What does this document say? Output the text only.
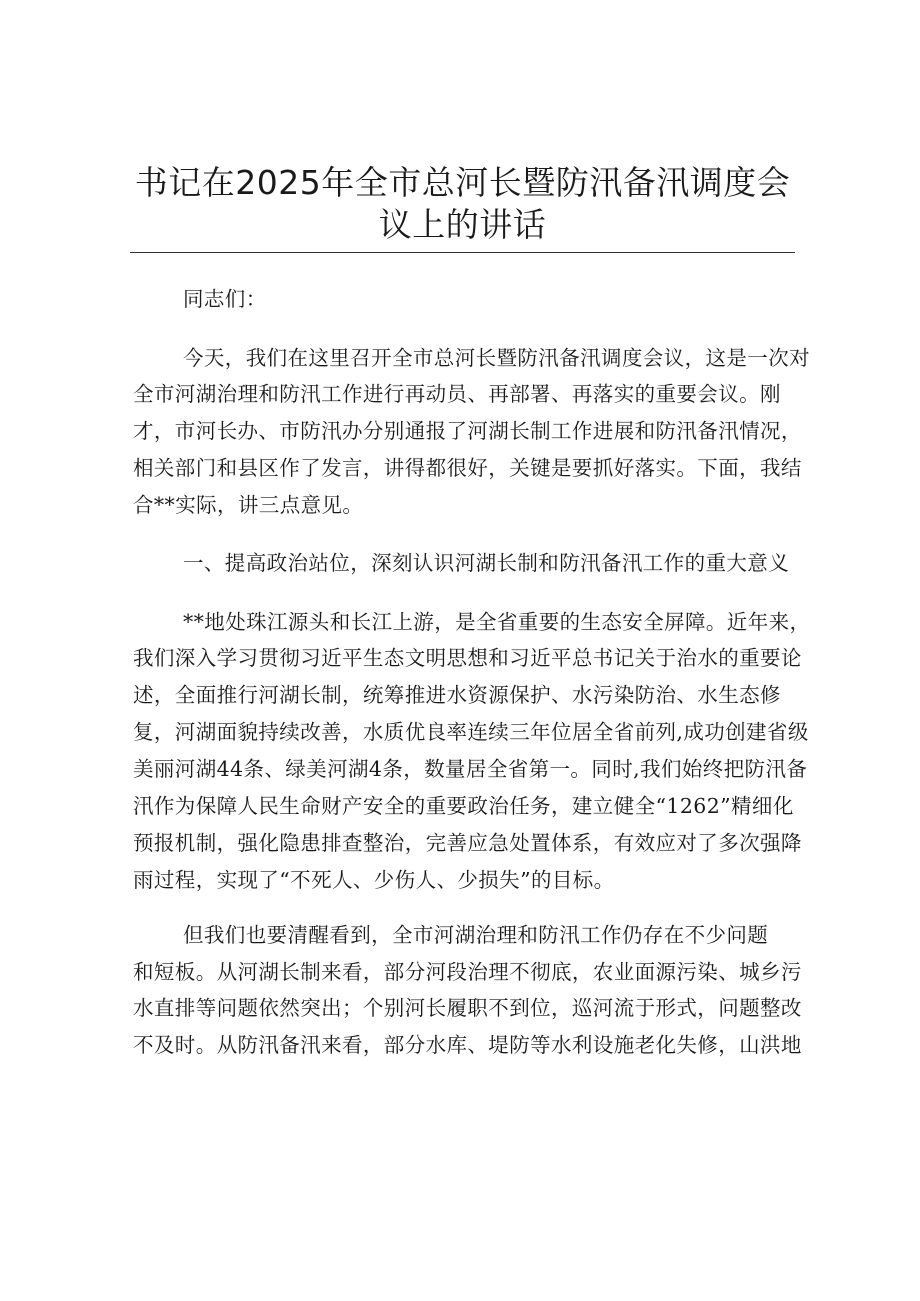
书记在2025年全市总河长暨防汛备汛调度会
议上的讲话
同志们：
今天，我们在这里召开全市总河长暨防汛备汛调度会议，这是一次对
全市河湖治理和防汛工作进行再动员、再部署、再落实的重要会议。刚
才，市河长办、市防汛办分别通报了河湖长制工作进展和防汛备汛情况，
相关部门和县区作了发言，讲得都很好，关键是要抓好落实。下面，我结
合**实际，讲三点意见。
一、提高政治站位，深刻认识河湖长制和防汛备汛工作的重大意义
**地处珠江源头和长江上游，是全省重要的生态安全屏障。近年来，
我们深入学习贯彻习近平生态文明思想和习近平总书记关于治水的重要论
述，全面推行河湖长制，统筹推进水资源保护、水污染防治、水生态修
复，河湖面貌持续改善，水质优良率连续三年位居全省前列,成功创建省级
美丽河湖44条、绿美河湖4条，数量居全省第一。同时,我们始终把防汛备
汛作为保障人民生命财产安全的重要政治任务，建立健全“1262”精细化
预报机制，强化隐患排查整治，完善应急处置体系，有效应对了多次强降
雨过程，实现了“不死人、少伤人、少损失”的目标。
但我们也要清醒看到，全市河湖治理和防汛工作仍存在不少问题
和短板。从河湖长制来看，部分河段治理不彻底，农业面源污染、城乡污
水直排等问题依然突出；个别河长履职不到位，巡河流于形式，问题整改
不及时。从防汛备汛来看，部分水库、堤防等水利设施老化失修，山洪地
